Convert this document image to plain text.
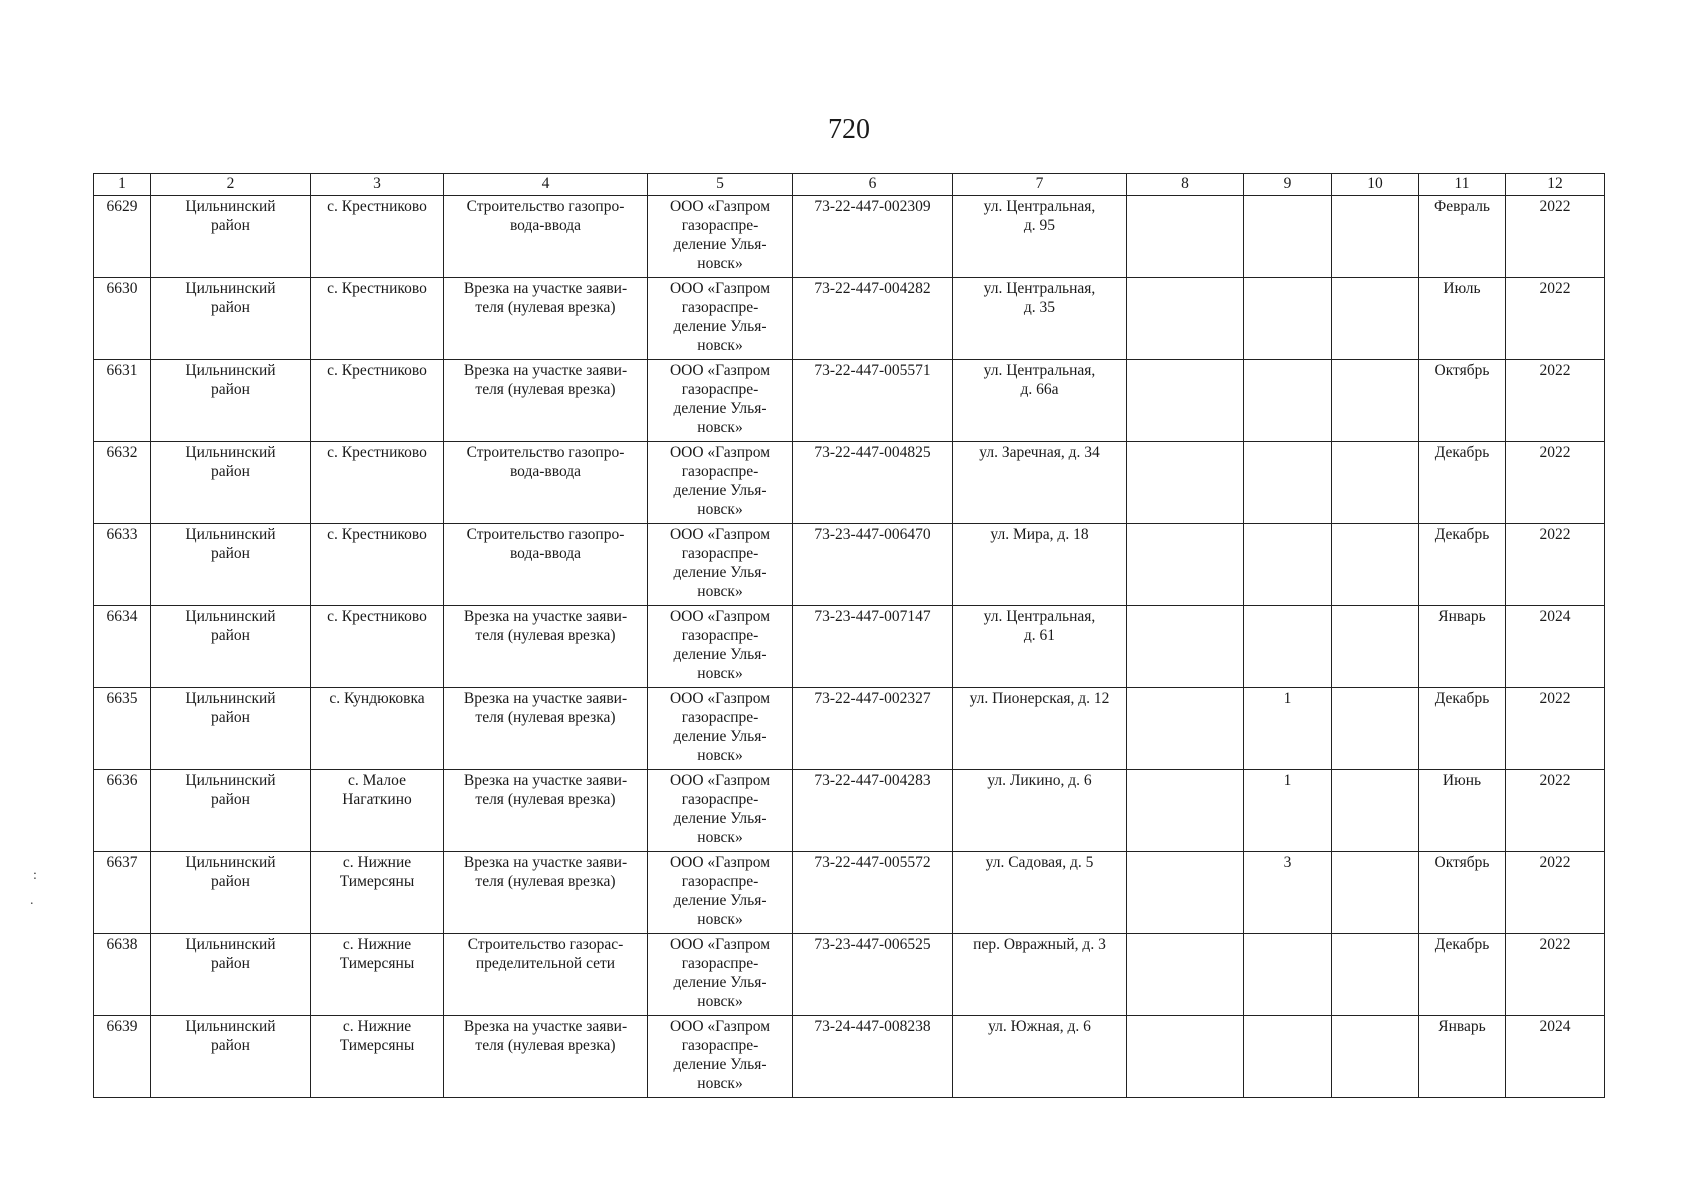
720
:
.
1	2	3	4	5	6	7	8	9	10	11	12
6629	Цильнинский
район	с. Крестниково	Строительство газопро-
вода-ввода	ООО «Газпром
газораспре-
деление Улья-
новск»	73-22-447-002309	ул. Центральная,
д. 95				Февраль	2022
6630	Цильнинский
район	с. Крестниково	Врезка на участке заяви-
теля (нулевая врезка)	ООО «Газпром
газораспре-
деление Улья-
новск»	73-22-447-004282	ул. Центральная,
д. 35				Июль	2022
6631	Цильнинский
район	с. Крестниково	Врезка на участке заяви-
теля (нулевая врезка)	ООО «Газпром
газораспре-
деление Улья-
новск»	73-22-447-005571	ул. Центральная,
д. 66а				Октябрь	2022
6632	Цильнинский
район	с. Крестниково	Строительство газопро-
вода-ввода	ООО «Газпром
газораспре-
деление Улья-
новск»	73-22-447-004825	ул. Заречная, д. 34				Декабрь	2022
6633	Цильнинский
район	с. Крестниково	Строительство газопро-
вода-ввода	ООО «Газпром
газораспре-
деление Улья-
новск»	73-23-447-006470	ул. Мира, д. 18				Декабрь	2022
6634	Цильнинский
район	с. Крестниково	Врезка на участке заяви-
теля (нулевая врезка)	ООО «Газпром
газораспре-
деление Улья-
новск»	73-23-447-007147	ул. Центральная,
д. 61				Январь	2024
6635	Цильнинский
район	с. Кундюковка	Врезка на участке заяви-
теля (нулевая врезка)	ООО «Газпром
газораспре-
деление Улья-
новск»	73-22-447-002327	ул. Пионерская, д. 12		1		Декабрь	2022
6636	Цильнинский
район	с. Малое
Нагаткино	Врезка на участке заяви-
теля (нулевая врезка)	ООО «Газпром
газораспре-
деление Улья-
новск»	73-22-447-004283	ул. Ликино, д. 6		1		Июнь	2022
6637	Цильнинский
район	с. Нижние
Тимерсяны	Врезка на участке заяви-
теля (нулевая врезка)	ООО «Газпром
газораспре-
деление Улья-
новск»	73-22-447-005572	ул. Садовая, д. 5		3		Октябрь	2022
6638	Цильнинский
район	с. Нижние
Тимерсяны	Строительство газорас-
пределительной сети	ООО «Газпром
газораспре-
деление Улья-
новск»	73-23-447-006525	пер. Овражный, д. 3				Декабрь	2022
6639	Цильнинский
район	с. Нижние
Тимерсяны	Врезка на участке заяви-
теля (нулевая врезка)	ООО «Газпром
газораспре-
деление Улья-
новск»	73-24-447-008238	ул. Южная, д. 6				Январь	2024
